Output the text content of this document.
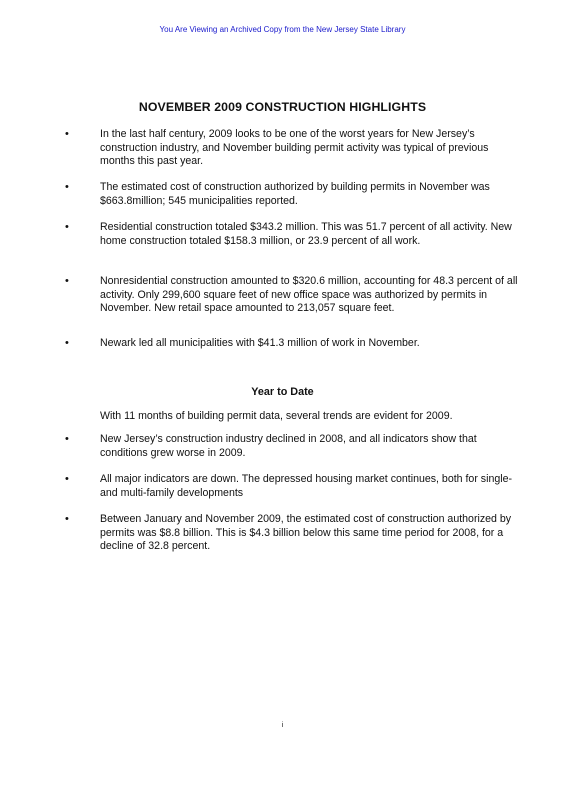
You Are Viewing an Archived Copy from the New Jersey State Library
NOVEMBER 2009 CONSTRUCTION HIGHLIGHTS
•	In the last half century, 2009 looks to be one of the worst years for New Jersey’s construction industry, and November building permit activity was typical of previous months this past year.
•	The estimated cost of construction authorized by building permits in November was $663.8million; 545 municipalities reported.
•	Residential construction totaled $343.2 million. This was 51.7 percent of all activity. New home construction totaled $158.3 million, or 23.9 percent of all work.
•	Nonresidential construction amounted to $320.6 million, accounting for 48.3 percent of all activity. Only 299,600 square feet of new office space was authorized by permits in November. New retail space amounted to 213,057 square feet.
•	Newark led all municipalities with $41.3 million of work in November.
Year to Date
With 11 months of building permit data, several trends are evident for 2009.
•	New Jersey’s construction industry declined in 2008, and all indicators show that conditions grew worse in 2009.
•	All major indicators are down. The depressed housing market continues, both for single- and multi-family developments
•	Between January and November 2009, the estimated cost of construction authorized by permits was $8.8 billion. This is $4.3 billion below this same time period for 2008, for a decline of 32.8 percent.
i
